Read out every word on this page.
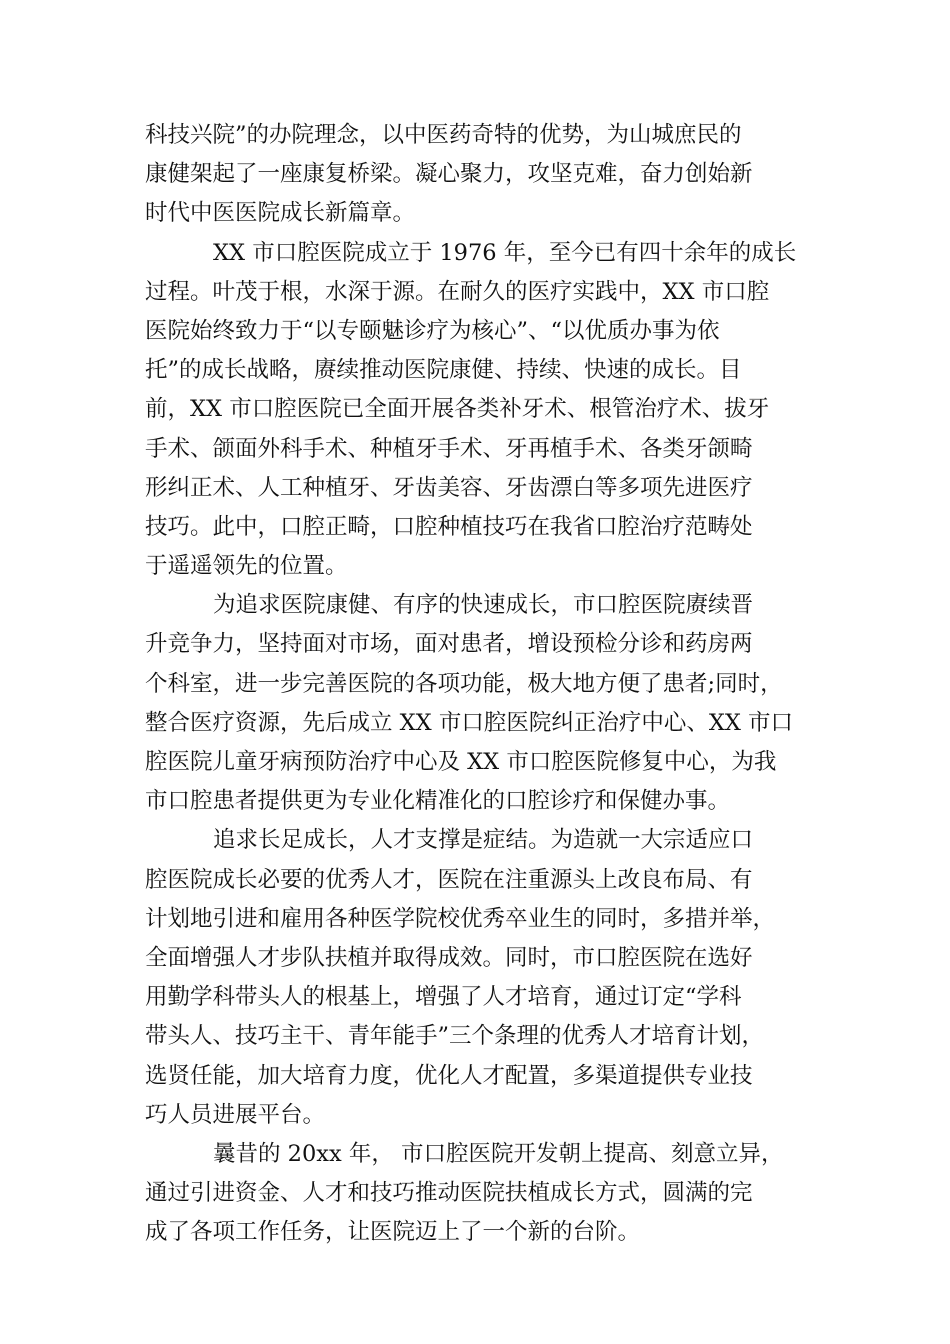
科技兴院”的办院理念，以中医药奇特的优势，为山城庶民的
康健架起了一座康复桥梁。凝心聚力，攻坚克难，奋力创始新
时代中医医院成长新篇章。
XX 市口腔医院成立于 1976 年，至今已有四十余年的成长
过程。叶茂于根，水深于源。在耐久的医疗实践中，XX 市口腔
医院始终致力于“以专颐魅诊疗为核心”、“以优质办事为依
托”的成长战略，赓续推动医院康健、持续、快速的成长。目
前，XX 市口腔医院已全面开展各类补牙术、根管治疗术、拔牙
手术、颌面外科手术、种植牙手术、牙再植手术、各类牙颌畸
形纠正术、人工种植牙、牙齿美容、牙齿漂白等多项先进医疗
技巧。此中，口腔正畸，口腔种植技巧在我省口腔治疗范畴处
于遥遥领先的位置。
为追求医院康健、有序的快速成长，市口腔医院赓续晋
升竞争力，坚持面对市场，面对患者，增设预检分诊和药房两
个科室，进一步完善医院的各项功能，极大地方便了患者;同时，
整合医疗资源，先后成立 XX 市口腔医院纠正治疗中心、XX 市口
腔医院儿童牙病预防治疗中心及 XX 市口腔医院修复中心，为我
市口腔患者提供更为专业化精准化的口腔诊疗和保健办事。
追求长足成长，人才支撑是症结。为造就一大宗适应口
腔医院成长必要的优秀人才，医院在注重源头上改良布局、有
计划地引进和雇用各种医学院校优秀卒业生的同时，多措并举，
全面增强人才步队扶植并取得成效。同时，市口腔医院在选好
用勤学科带头人的根基上，增强了人才培育，通过订定“学科
带头人、技巧主干、青年能手”三个条理的优秀人才培育计划，
选贤任能，加大培育力度，优化人才配置，多渠道提供专业技
巧人员进展平台。
曩昔的 20xx 年， 市口腔医院开发朝上提高、刻意立异，
通过引进资金、人才和技巧推动医院扶植成长方式，圆满的完
成了各项工作任务，让医院迈上了一个新的台阶。
